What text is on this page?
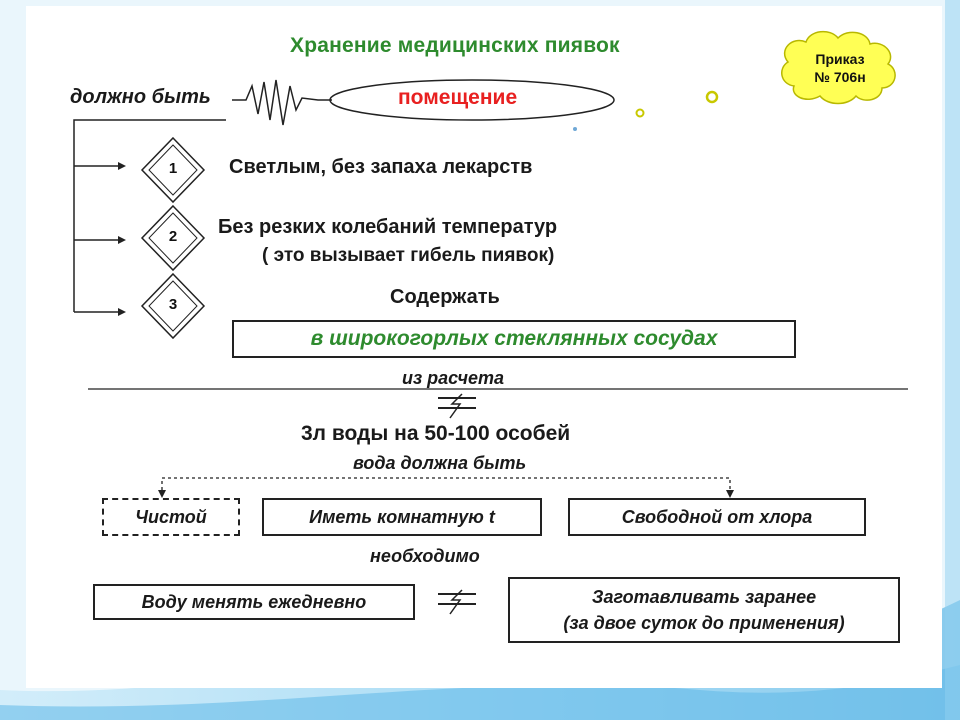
Хранение медицинских пиявок
Приказ
№ 706н
должно быть	помещение
1
2
3
Светлым, без запаха лекарств
Без резких колебаний температур
( это вызывает гибель пиявок)
Содержать
в широкогорлых стеклянных сосудах
из расчета
3л воды на 50-100 особей
вода должна быть
Чистой	Иметь комнатную t	Свободной от хлора
необходимо
Воду менять ежедневно	Заготавливать заранее
(за двое суток до применения)
